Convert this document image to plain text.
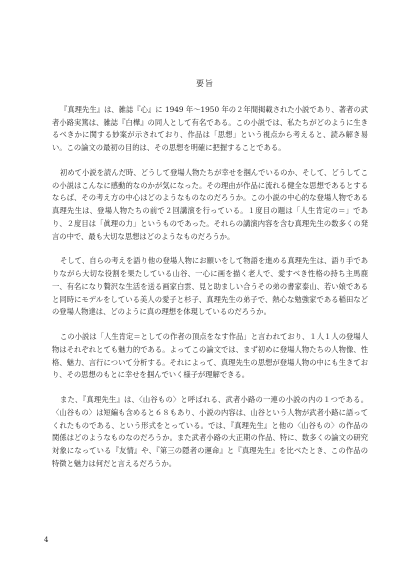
要旨

『真理先生』は、雑誌『心』に 1949 年～1950 年の２年間掲載された小説であり、著者の武者小路実篤は、雑誌『白樺』の同人として有名である。この小説では、私たちがどのように生きるべきかに関する妙案が示されており、作品は「思想」という視点から考えると、読み解き易い。この論文の最初の目的は、その思想を明確に把握することである。

初めて小説を読んだ時、どうして登場人物たちが幸せを掴んでいるのか、そして、どうしてこの小説はこんなに感動的なのかが気になった。その理由が作品に流れる健全な思想であるとするならば、その考え方の中心はどのようなものなのだろうか。この小説の中心的な登場人物である真理先生は、登場人物たちの前で２回講演を行っている。１度目の題は「人生肯定の＝」であり、２度目は「眞理の力」というものであった。それらの講演内容を含む真理先生の数多くの発言の中で、最も大切な思想はどのようなものだろうか。

そして、自らの考えを語り他の登場人物にお願いをして物語を進める真理先生は、語り手でありながら大切な役割を果たしている山谷、一心に画を描く老人で、愛すべき性格の持ち主馬鹿一、有名になり贅沢な生活を送る画家白雲、見と助ましい合うその弟の書家泰山、若い娘であると同時にモデルをしている美人の愛子と杉子、真理先生の弟子で、熱心な勉強家である稲田などの登場人物達は、どのように真の理想を体現しているのだろうか。

この小説は「人生肯定＝としての作者の頂点をなす作品」と言われており、１人１人の登場人物はそれぞれとても魅力的である。よってこの論文では、まず初めに登場人物たちの人物像、性格、魅力、言行について分析する。それによって、真理先生の思想が登場人物の中にも生きており、その思想のもとに幸せを掴んでいく様子が理解できる。

また、『真理先生』は、〈山谷もの〉と呼ばれる、武者小路の一連の小説の内の１つである。〈山谷もの〉は短編も含めると６８もあり、小説の内容は、山谷という人物が武者小路に語ってくれたものである、という形式をとっている。では、『真理先生』と他の〈山谷もの〉の作品の関係はどのようなものなのだろうか。また武者小路の大正期の作品、特に、数多くの論文の研究対象になっている『友情』や、『第三の隠者の運命』と『真理先生』を比べたとき、この作品の特徴と魅力は何だと言えるだろうか。

4
